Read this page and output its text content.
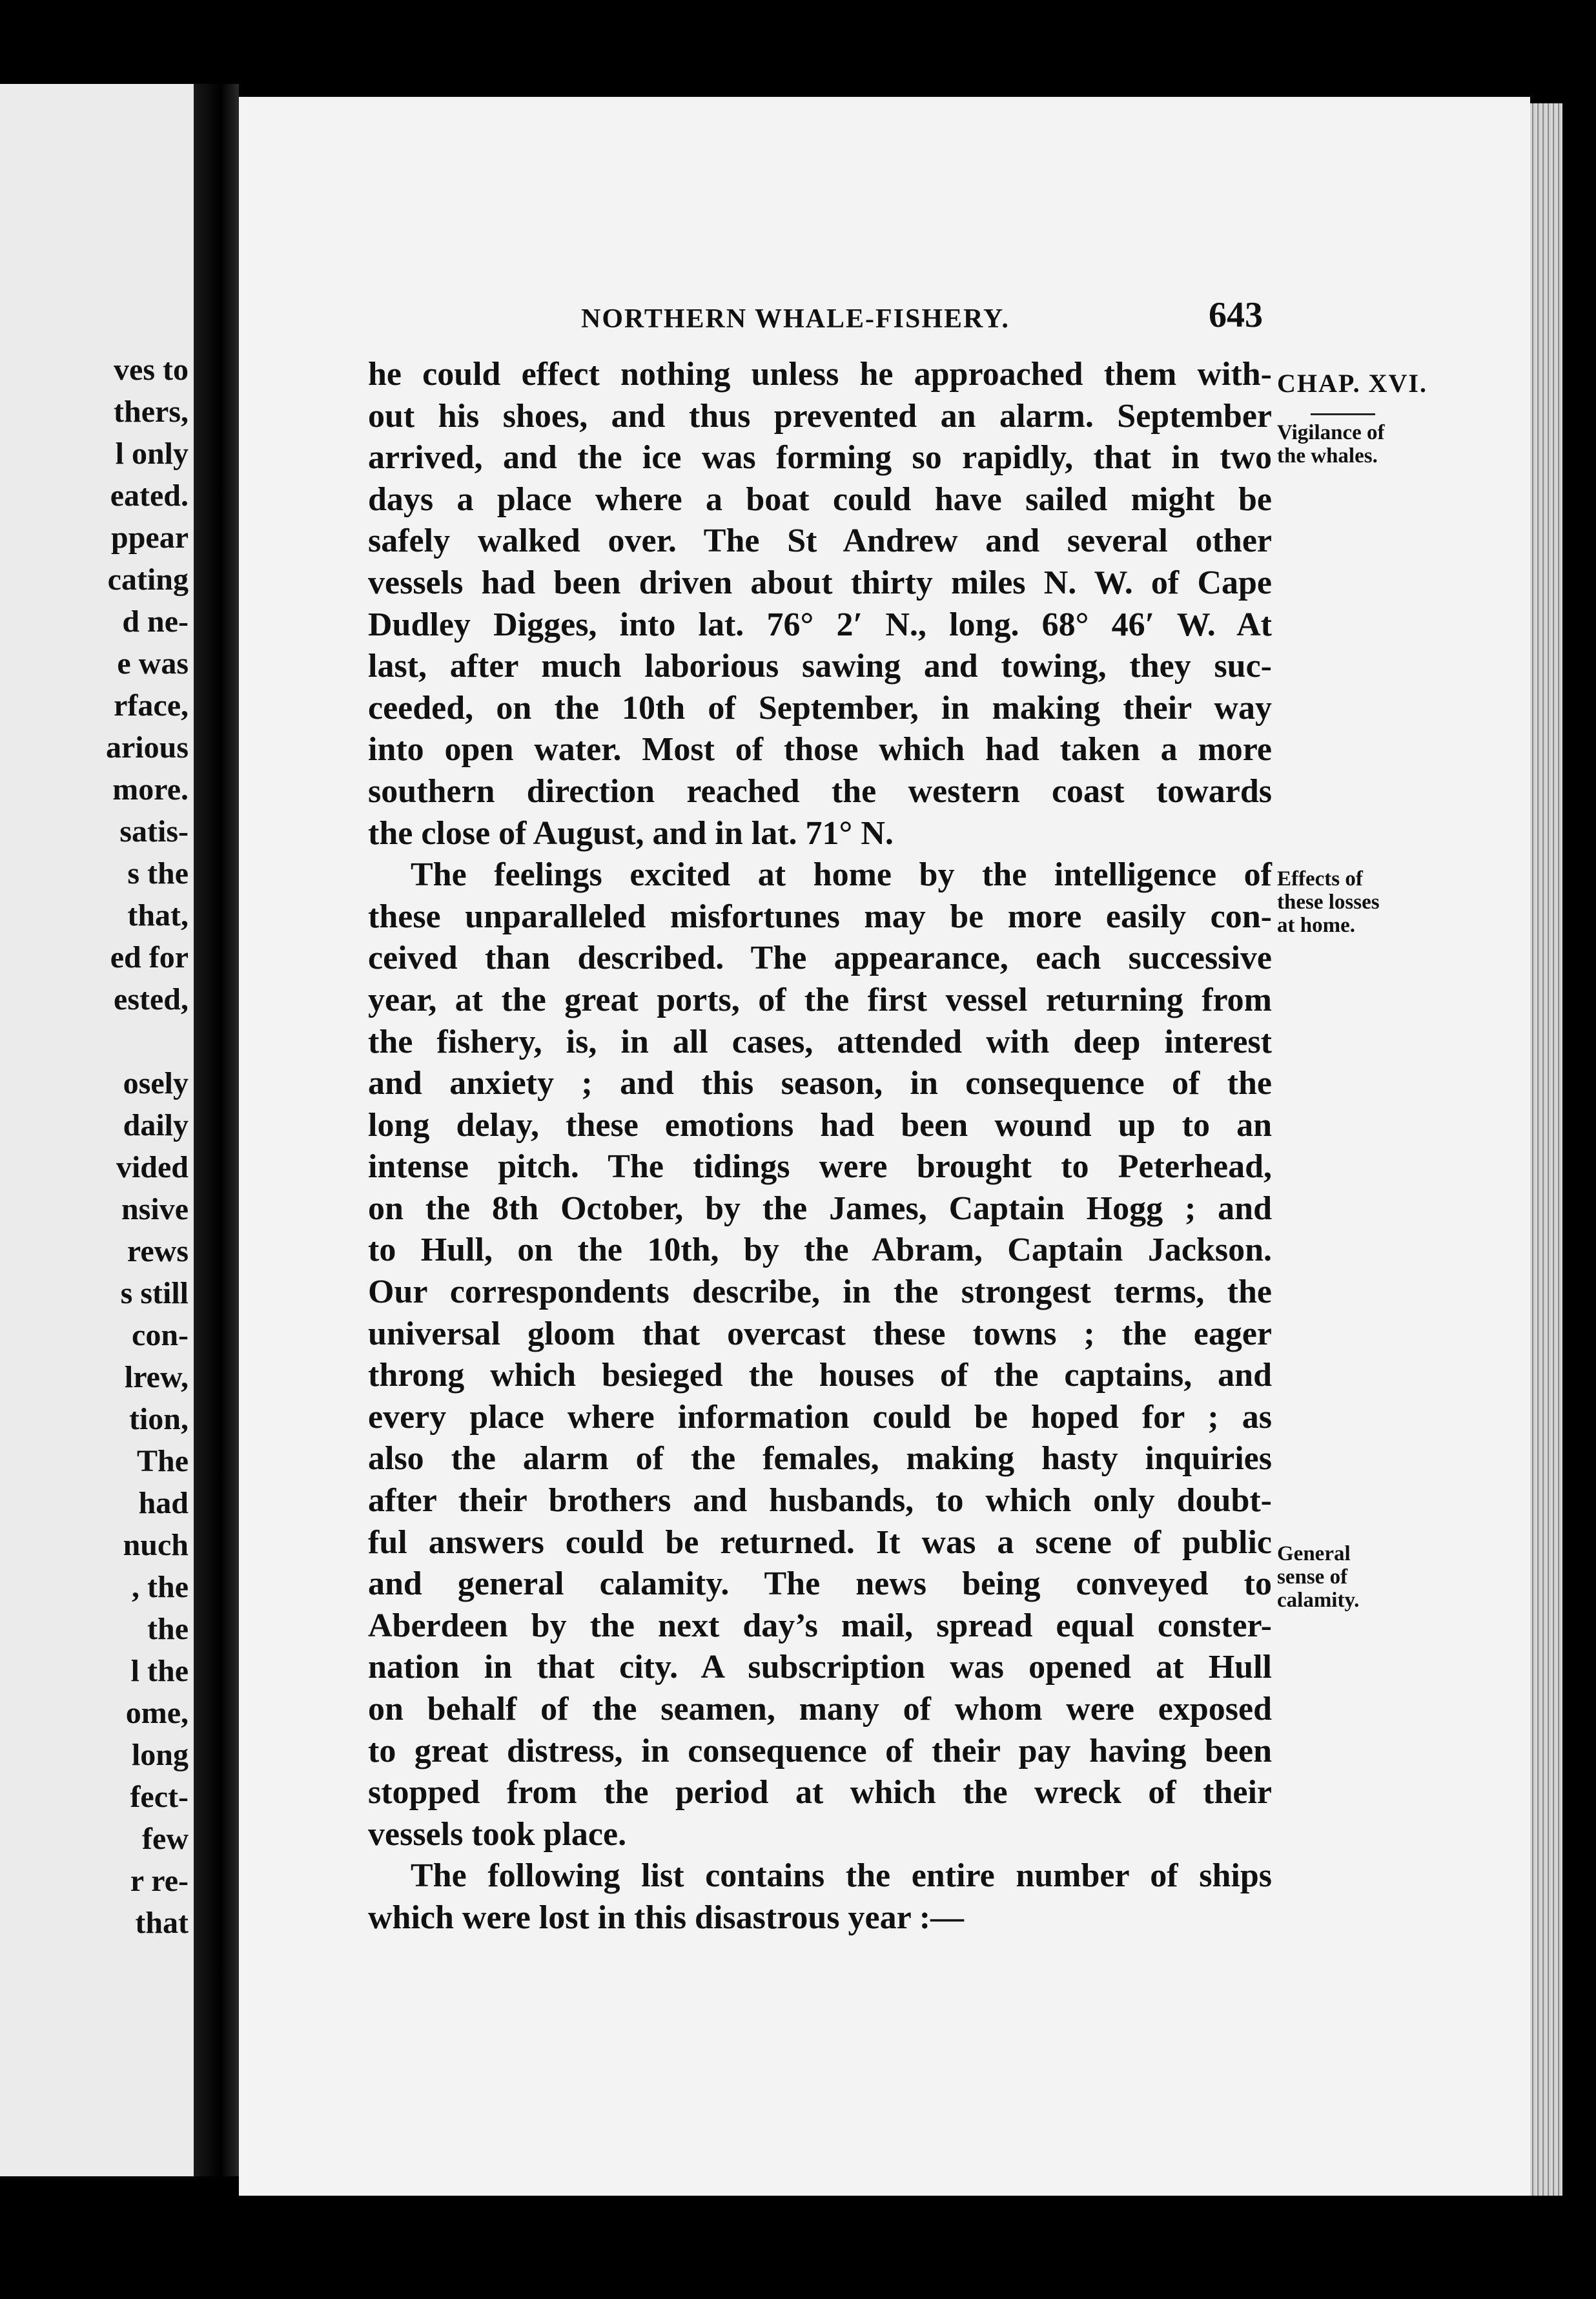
ves to
thers,
l only
eated.
ppear
cating
d ne-
e was
rface,
arious
more.
satis-
s the
that,
ed for
ested,

osely
daily
vided
nsive
rews
s still
con-
lrew,
tion,
The
had
nuch
, the
the
l the
ome,
long
fect-
few
r re-
that
NORTHERN WHALE-FISHERY.	643
CHAP. XVI.
Vigilance of
the whales.
Effects of
these losses
at home.
General
sense of
calamity.
he could effect nothing unless he approached them with-
out his shoes, and thus prevented an alarm. September
arrived, and the ice was forming so rapidly, that in two
days a place where a boat could have sailed might be
safely walked over. The St Andrew and several other
vessels had been driven about thirty miles N. W. of Cape
Dudley Digges, into lat. 76° 2′ N., long. 68° 46′ W. At
last, after much laborious sawing and towing, they suc-
ceeded, on the 10th of September, in making their way
into open water. Most of those which had taken a more
southern direction reached the western coast towards
the close of August, and in lat. 71° N.
The feelings excited at home by the intelligence of
these unparalleled misfortunes may be more easily con-
ceived than described. The appearance, each successive
year, at the great ports, of the first vessel returning from
the fishery, is, in all cases, attended with deep interest
and anxiety ; and this season, in consequence of the
long delay, these emotions had been wound up to an
intense pitch. The tidings were brought to Peterhead,
on the 8th October, by the James, Captain Hogg ; and
to Hull, on the 10th, by the Abram, Captain Jackson.
Our correspondents describe, in the strongest terms, the
universal gloom that overcast these towns ; the eager
throng which besieged the houses of the captains, and
every place where information could be hoped for ; as
also the alarm of the females, making hasty inquiries
after their brothers and husbands, to which only doubt-
ful answers could be returned. It was a scene of public
and general calamity. The news being conveyed to
Aberdeen by the next day’s mail, spread equal conster-
nation in that city. A subscription was opened at Hull
on behalf of the seamen, many of whom were exposed
to great distress, in consequence of their pay having been
stopped from the period at which the wreck of their
vessels took place.
The following list contains the entire number of ships
which were lost in this disastrous year :—
